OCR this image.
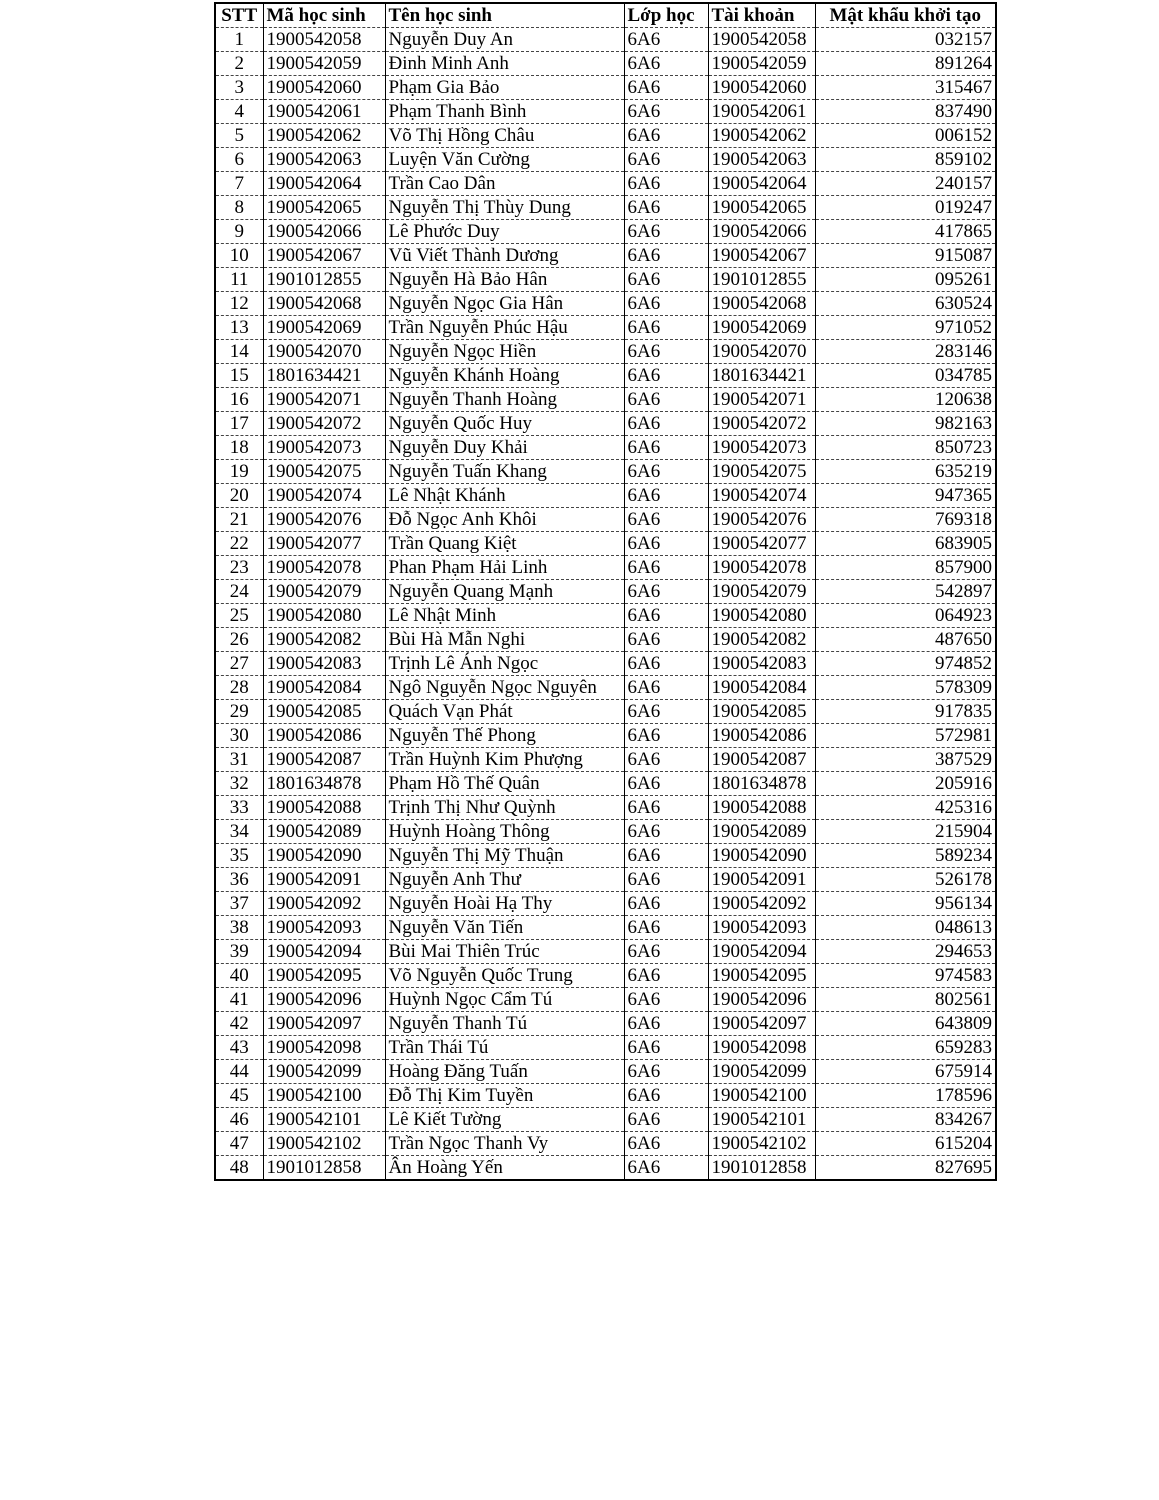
STT	Mã học sinh	Tên học sinh	Lớp học	Tài khoản	Mật khẩu khởi tạo
1	1900542058	Nguyễn Duy An	6A6	1900542058	032157
2	1900542059	Đinh Minh Anh	6A6	1900542059	891264
3	1900542060	Phạm Gia Bảo	6A6	1900542060	315467
4	1900542061	Phạm Thanh Bình	6A6	1900542061	837490
5	1900542062	Võ Thị Hồng Châu	6A6	1900542062	006152
6	1900542063	Luyện Văn Cường	6A6	1900542063	859102
7	1900542064	Trần Cao Dân	6A6	1900542064	240157
8	1900542065	Nguyễn Thị Thùy Dung	6A6	1900542065	019247
9	1900542066	Lê Phước Duy	6A6	1900542066	417865
10	1900542067	Vũ Viết Thành Dương	6A6	1900542067	915087
11	1901012855	Nguyễn Hà Bảo Hân	6A6	1901012855	095261
12	1900542068	Nguyễn Ngọc Gia Hân	6A6	1900542068	630524
13	1900542069	Trần Nguyễn Phúc Hậu	6A6	1900542069	971052
14	1900542070	Nguyễn Ngọc Hiền	6A6	1900542070	283146
15	1801634421	Nguyễn Khánh Hoàng	6A6	1801634421	034785
16	1900542071	Nguyễn Thanh Hoàng	6A6	1900542071	120638
17	1900542072	Nguyễn Quốc Huy	6A6	1900542072	982163
18	1900542073	Nguyễn Duy Khải	6A6	1900542073	850723
19	1900542075	Nguyễn Tuấn Khang	6A6	1900542075	635219
20	1900542074	Lê Nhật Khánh	6A6	1900542074	947365
21	1900542076	Đỗ Ngọc Anh Khôi	6A6	1900542076	769318
22	1900542077	Trần Quang Kiệt	6A6	1900542077	683905
23	1900542078	Phan Phạm Hải Linh	6A6	1900542078	857900
24	1900542079	Nguyễn Quang Mạnh	6A6	1900542079	542897
25	1900542080	Lê Nhật Minh	6A6	1900542080	064923
26	1900542082	Bùi Hà Mẫn Nghi	6A6	1900542082	487650
27	1900542083	Trịnh Lê Ánh Ngọc	6A6	1900542083	974852
28	1900542084	Ngô Nguyễn Ngọc Nguyên	6A6	1900542084	578309
29	1900542085	Quách Vạn Phát	6A6	1900542085	917835
30	1900542086	Nguyễn Thế Phong	6A6	1900542086	572981
31	1900542087	Trần Huỳnh Kim Phượng	6A6	1900542087	387529
32	1801634878	Phạm Hồ Thế Quân	6A6	1801634878	205916
33	1900542088	Trịnh Thị Như Quỳnh	6A6	1900542088	425316
34	1900542089	Huỳnh Hoàng Thông	6A6	1900542089	215904
35	1900542090	Nguyễn Thị Mỹ Thuận	6A6	1900542090	589234
36	1900542091	Nguyễn Anh Thư	6A6	1900542091	526178
37	1900542092	Nguyễn Hoài Hạ Thy	6A6	1900542092	956134
38	1900542093	Nguyễn Văn Tiến	6A6	1900542093	048613
39	1900542094	Bùi Mai Thiên Trúc	6A6	1900542094	294653
40	1900542095	Võ Nguyễn Quốc Trung	6A6	1900542095	974583
41	1900542096	Huỳnh Ngọc Cẩm Tú	6A6	1900542096	802561
42	1900542097	Nguyễn Thanh Tú	6A6	1900542097	643809
43	1900542098	Trần Thái Tú	6A6	1900542098	659283
44	1900542099	Hoàng Đăng Tuấn	6A6	1900542099	675914
45	1900542100	Đỗ Thị Kim Tuyền	6A6	1900542100	178596
46	1900542101	Lê Kiết Tường	6A6	1900542101	834267
47	1900542102	Trần Ngọc Thanh Vy	6A6	1900542102	615204
48	1901012858	Ân Hoàng Yến	6A6	1901012858	827695
